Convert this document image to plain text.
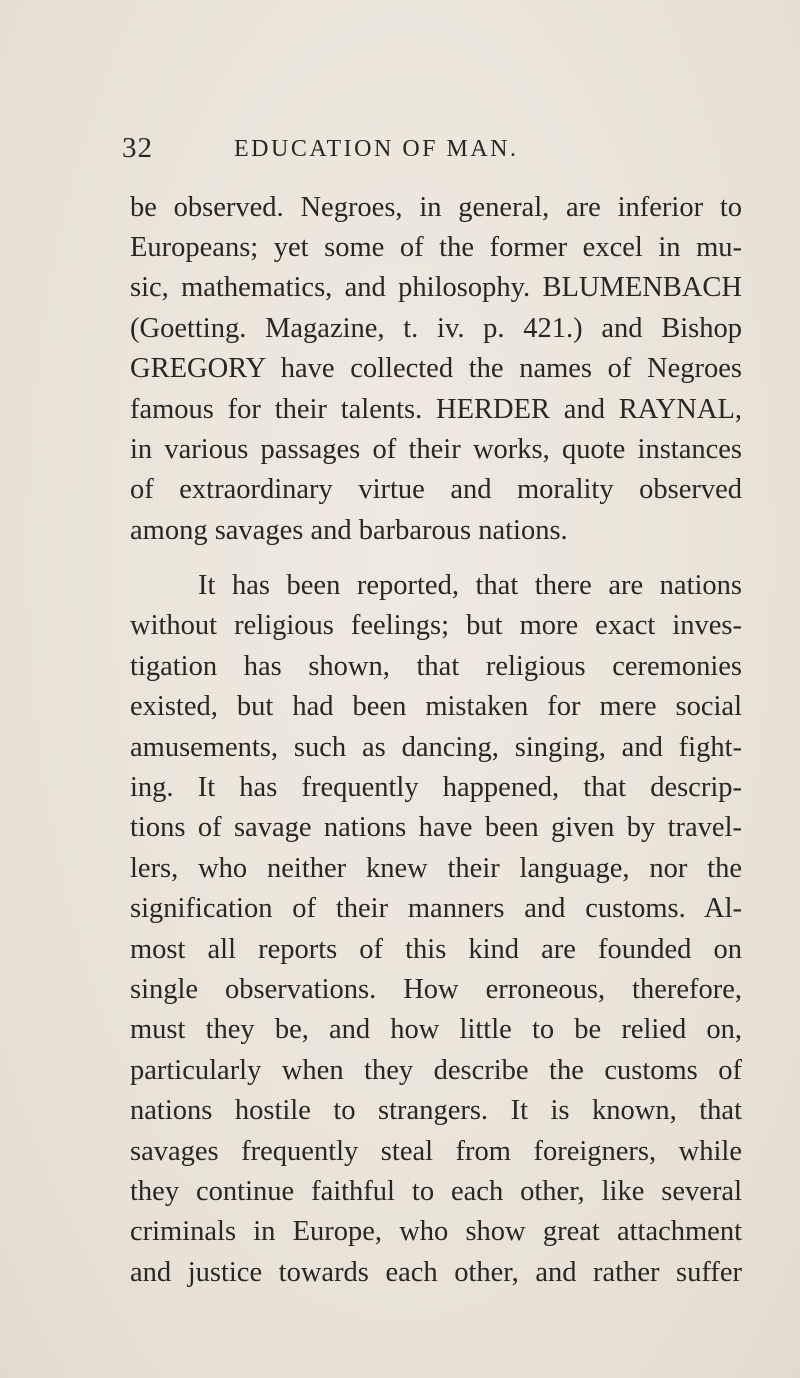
32	EDUCATION OF MAN.
be observed. Negroes, in general, are inferior to
Europeans; yet some of the former excel in mu-
sic, mathematics, and philosophy. BLUMENBACH
(Goetting. Magazine, t. iv. p. 421.) and Bishop
GREGORY have collected the names of Negroes
famous for their talents. HERDER and RAYNAL,
in various passages of their works, quote instances
of extraordinary virtue and morality observed
among savages and barbarous nations.
It has been reported, that there are nations
without religious feelings; but more exact inves-
tigation has shown, that religious ceremonies
existed, but had been mistaken for mere social
amusements, such as dancing, singing, and fight-
ing. It has frequently happened, that descrip-
tions of savage nations have been given by travel-
lers, who neither knew their language, nor the
signification of their manners and customs. Al-
most all reports of this kind are founded on
single observations. How erroneous, therefore,
must they be, and how little to be relied on,
particularly when they describe the customs of
nations hostile to strangers. It is known, that
savages frequently steal from foreigners, while
they continue faithful to each other, like several
criminals in Europe, who show great attachment
and justice towards each other, and rather suffer
